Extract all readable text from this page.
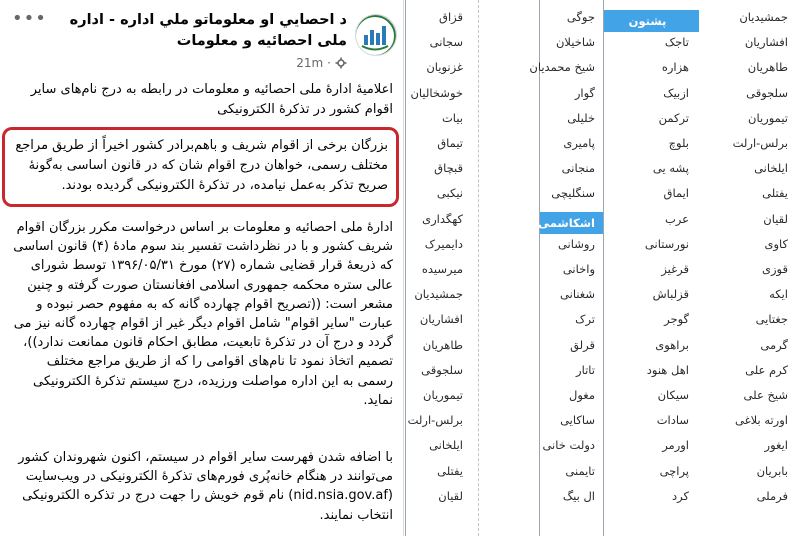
د احصايي او معلوماتو ملي اداره - اداره ملی احصائیه و معلومات
21m ·
•••
اعلامیهٔ ادارهٔ ملی احصائیه و معلومات در رابطه به درج نام‌های سایر اقوام کشور در تذکرهٔ الکترونیکی
بزرگان برخی از اقوام شریف و باهم‌برادر کشور اخیراً از طریق مراجع مختلف رسمی، خواهان درج اقوام شان که در قانون اساسی به‌گونهٔ صریح تذکر به‌عمل نیامده، در تذکرهٔ الکترونیکی گردیده بودند.
ادارهٔ ملی احصائیه و معلومات بر اساس درخواست مکرر بزرگان اقوام شریف کشور و با در نظرداشت تفسیر بند سوم مادهٔ (۴) قانون اساسی که ذریعهٔ قرار قضایی شماره (۲۷) مورخ ۱۳۹۶/۰۵/۳۱ توسط شورای عالی ستره محکمه جمهوری اسلامی افغانستان صورت گرفته و چنین مشعر است: ((تصریح اقوام چهارده گانه که به مفهوم حصر نبوده و عبارت "سایر اقوام" شامل اقوام دیگر غیر از اقوام چهارده گانه نیز می گردد و درج آن در تذکرهٔ تابعیت، مطابق احکام قانون ممانعت ندارد))، تصمیم اتخاذ نمود تا نام‌های اقوامی را که از طریق مراجع مختلف رسمی به این اداره مواصلت ورزیده، درج سیستم تذکرهٔ الکترونیکی نماید.
با اضافه شدن فهرست سایر اقوام در سیستم، اکنون شهروندان کشور می‌توانند در هنگام خانه‌پُری فورم‌های تذکرهٔ الکترونیکی در ویب‌سایت (nid.nsia.gov.af) نام قوم خویش را جهت درج در تذکره الکترونیکی انتخاب نمایند.
جمشیدیان
افشاریان
طاهریان
سلجوقی
تیموریان
برلس-ارلت
ایلخانی
یفتلی
لقیان
کاوی
قوزی
ایکه
جغتایی
گرمی
کرم علی
شیخ علی
اورته بلاغی
ایغور
بابریان
فرملی
پشتون
تاجک
هزاره
ازبیک
ترکمن
بلوچ
پشه یی
ایماق
عرب
نورستانی
قرغیز
قزلباش
گوجر
براهوی
اهل هنود
سیکان
سادات
اورمر
پراچی
کرد
جوگی
شاخیلان
شیخ محمدیان
گوار
خلیلی
پامیری
منجانی
سنگلیچی
اشکاشمی
روشانی
واخانی
شغنانی
ترک
قرلق
تاتار
مغول
ساکایی
دولت خانی
تایمنی
ال بیگ
قزاق
سجانی
غزنویان
خوشخالیان
بیات
تیماق
قبچاق
نیکبی
کهگداری
دایمیرک
میرسیده
جمشیدیان
افشاریان
طاهریان
سلجوقی
تیموریان
برلس-ارلت
ایلخانی
یفتلی
لقیان
